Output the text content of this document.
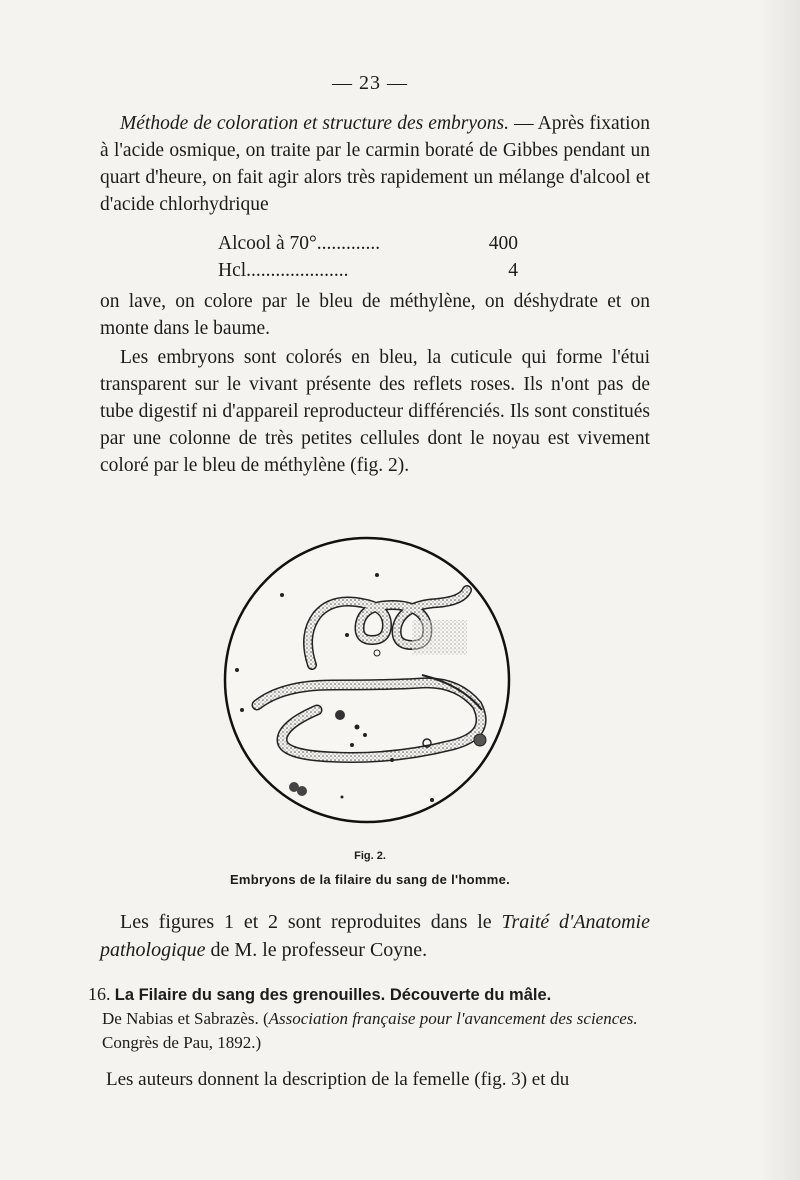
— 23 —
Méthode de coloration et structure des embryons. — Après fixation à l'acide osmique, on traite par le carmin boraté de Gibbes pendant un quart d'heure, on fait agir alors très rapidement un mélange d'alcool et d'acide chlorhydrique
Alcool à 70°.............	400
Hcl.....................	4
on lave, on colore par le bleu de méthylène, on déshydrate et on monte dans le baume.
Les embryons sont colorés en bleu, la cuticule qui forme l'étui transparent sur le vivant présente des reflets roses. Ils n'ont pas de tube digestif ni d'appareil reproducteur différenciés. Ils sont constitués par une colonne de très petites cellules dont le noyau est vivement coloré par le bleu de méthylène (fig. 2).
Fig. 2.
Embryons de la filaire du sang de l'homme.
Les figures 1 et 2 sont reproduites dans le Traité d'Anatomie pathologique de M. le professeur Coyne.
16. La Filaire du sang des grenouilles. Découverte du mâle.
De Nabias et Sabrazès. (Association française pour l'avancement des sciences. Congrès de Pau, 1892.)
Les auteurs donnent la description de la femelle (fig. 3) et du
